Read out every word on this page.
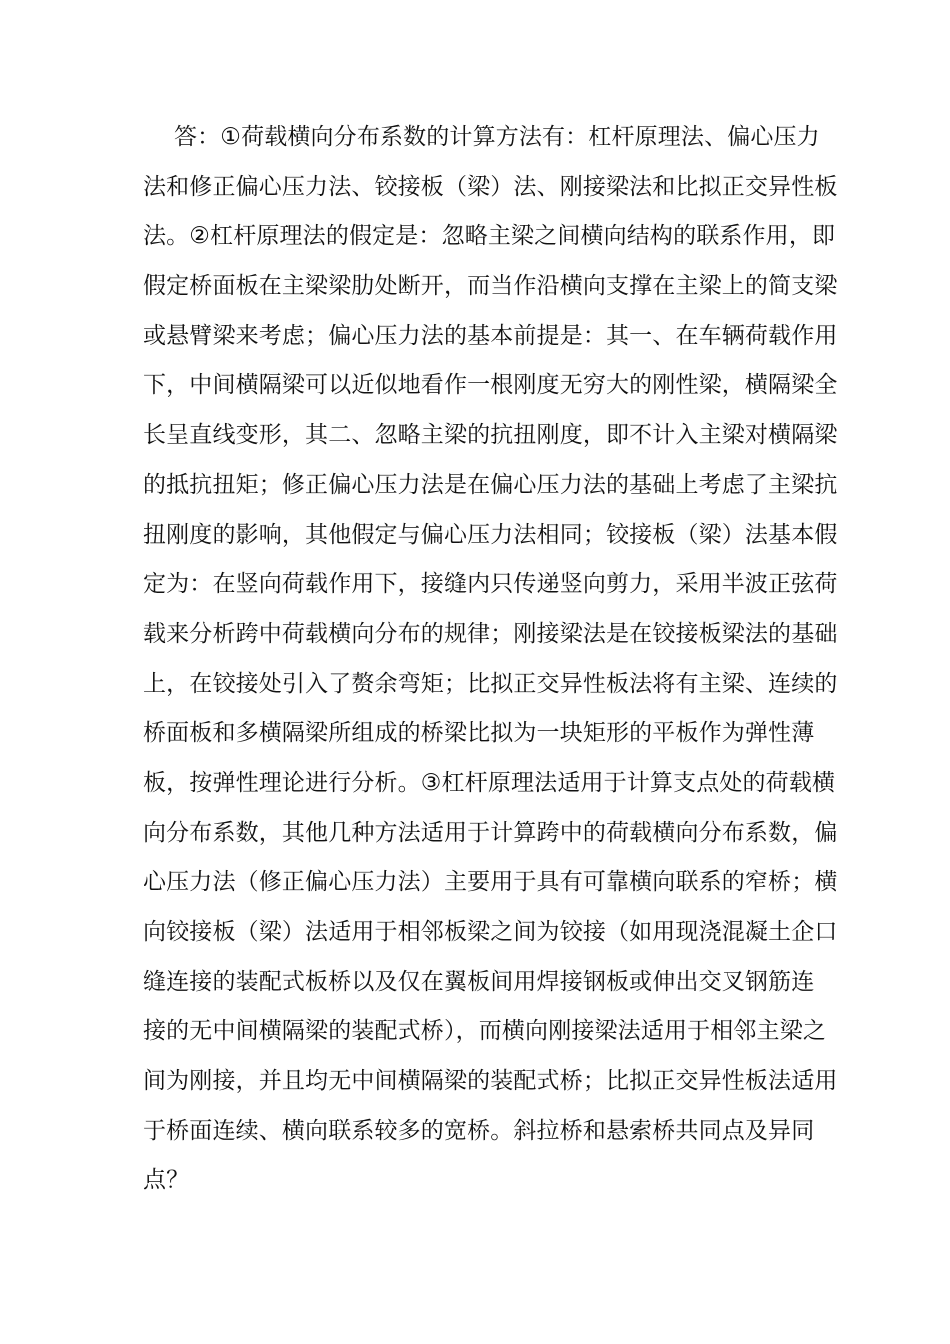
答：①荷载横向分布系数的计算方法有：杠杆原理法、偏心压力
法和修正偏心压力法、铰接板（梁）法、刚接梁法和比拟正交异性板
法。②杠杆原理法的假定是：忽略主梁之间横向结构的联系作用，即
假定桥面板在主梁梁肋处断开，而当作沿横向支撑在主梁上的简支梁
或悬臂梁来考虑；偏心压力法的基本前提是：其一、在车辆荷载作用
下，中间横隔梁可以近似地看作一根刚度无穷大的刚性梁，横隔梁全
长呈直线变形，其二、忽略主梁的抗扭刚度，即不计入主梁对横隔梁
的抵抗扭矩；修正偏心压力法是在偏心压力法的基础上考虑了主梁抗
扭刚度的影响，其他假定与偏心压力法相同；铰接板（梁）法基本假
定为：在竖向荷载作用下，接缝内只传递竖向剪力，采用半波正弦荷
载来分析跨中荷载横向分布的规律；刚接梁法是在铰接板梁法的基础
上，在铰接处引入了赘余弯矩；比拟正交异性板法将有主梁、连续的
桥面板和多横隔梁所组成的桥梁比拟为一块矩形的平板作为弹性薄
板，按弹性理论进行分析。③杠杆原理法适用于计算支点处的荷载横
向分布系数，其他几种方法适用于计算跨中的荷载横向分布系数，偏
心压力法（修正偏心压力法）主要用于具有可靠横向联系的窄桥；横
向铰接板（梁）法适用于相邻板梁之间为铰接（如用现浇混凝土企口
缝连接的装配式板桥以及仅在翼板间用焊接钢板或伸出交叉钢筋连
接的无中间横隔梁的装配式桥），而横向刚接梁法适用于相邻主梁之
间为刚接，并且均无中间横隔梁的装配式桥；比拟正交异性板法适用
于桥面连续、横向联系较多的宽桥。斜拉桥和悬索桥共同点及异同
点？
